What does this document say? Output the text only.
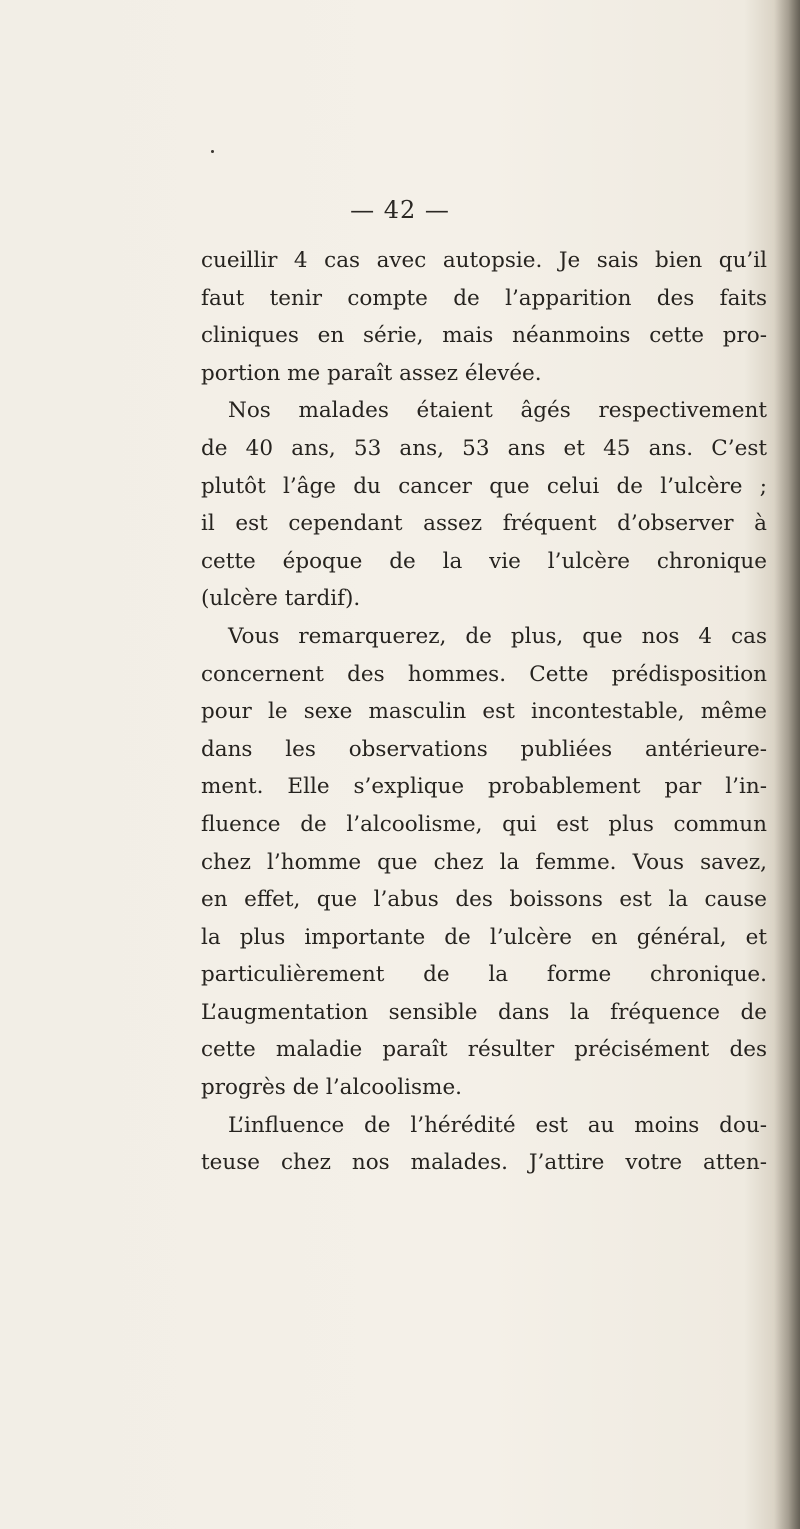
— 42 —
cueillir 4 cas avec autopsie. Je sais bien qu’il
faut tenir compte de l’apparition des faits
cliniques en série, mais néanmoins cette pro-
portion me paraît assez élevée.
Nos malades étaient âgés respectivement
de 40 ans, 53 ans, 53 ans et 45 ans. C’est
plutôt l’âge du cancer que celui de l’ulcère ;
il est cependant assez fréquent d’observer à
cette époque de la vie l’ulcère chronique
(ulcère tardif).
Vous remarquerez, de plus, que nos 4 cas
concernent des hommes. Cette prédisposition
pour le sexe masculin est incontestable, même
dans les observations publiées antérieure-
ment. Elle s’explique probablement par l’in-
fluence de l’alcoolisme, qui est plus commun
chez l’homme que chez la femme. Vous savez,
en effet, que l’abus des boissons est la cause
la plus importante de l’ulcère en général, et
particulièrement de la forme chronique.
L’augmentation sensible dans la fréquence de
cette maladie paraît résulter précisément des
progrès de l’alcoolisme.
L’influence de l’hérédité est au moins dou-
teuse chez nos malades. J’attire votre atten-
